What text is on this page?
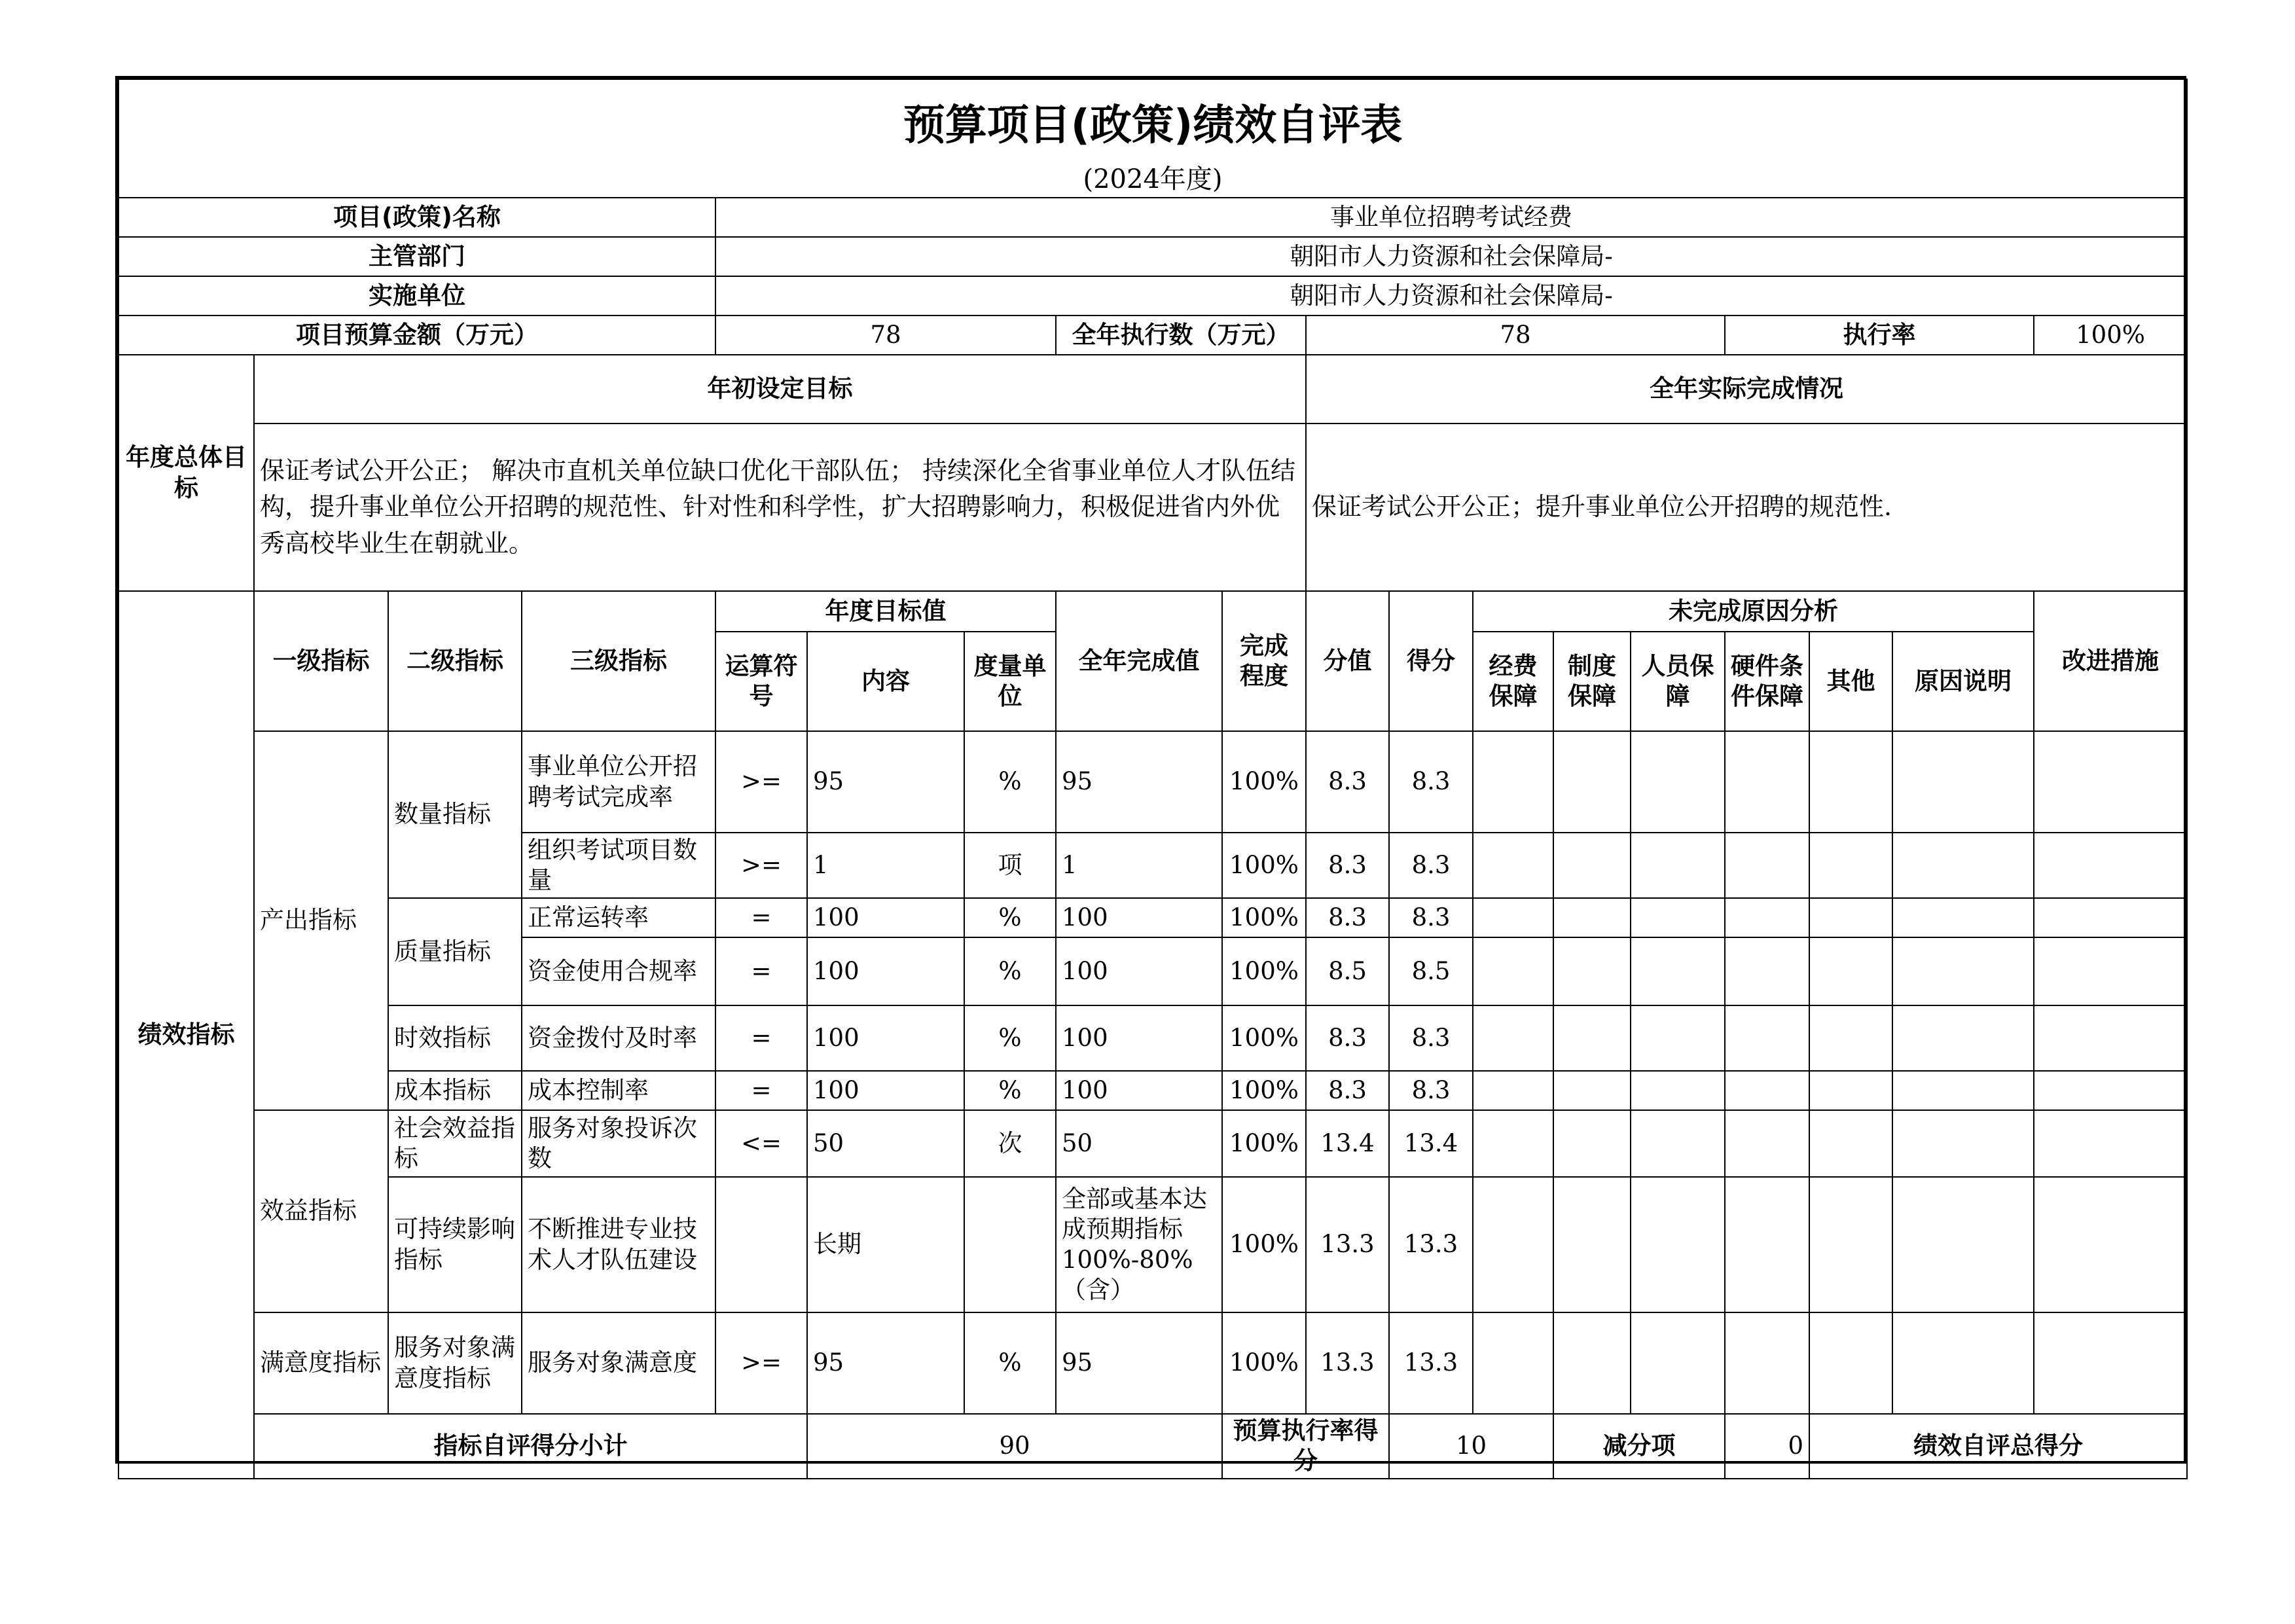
预算项目(政策)绩效自评表																		
(2024年度)																		
项目(政策)名称				事业单位招聘考试经费														
主管部门				朝阳市人力资源和社会保障局-														
实施单位				朝阳市人力资源和社会保障局-														
项目预算金额（万元）				78			全年执行数（万元）		78					执行率			100%	
年度总体目标	年初设定目标								全年实际完成情况									
	保证考试公开公正； 解决市直机关单位缺口优化干部队伍； 持续深化全省事业单位人才队伍结构，提升事业单位公开招聘的规范性、针对性和科学性，扩大招聘影响力，积极促进省内外优秀高校毕业生在朝就业。								保证考试公开公正；提升事业单位公开招聘的规范性.									
绩效指标	一级指标	二级指标	三级指标	年度目标值			全年完成值	完成程度	分值	得分	未完成原因分析						改进措施	
				运算符号	内容	度量单位					经费保障	制度保障	人员保障	硬件条件保障	其他	原因说明		
	产出指标	数量指标	事业单位公开招聘考试完成率	>=	95	%	95	100%	8.3	8.3								
			组织考试项目数量	>=	1	项	1	100%	8.3	8.3								
		质量指标	正常运转率	=	100	%	100	100%	8.3	8.3								
			资金使用合规率	=	100	%	100	100%	8.5	8.5								
		时效指标	资金拨付及时率	=	100	%	100	100%	8.3	8.3								
		成本指标	成本控制率	=	100	%	100	100%	8.3	8.3								
	效益指标	社会效益指标	服务对象投诉次数	<=	50	次	50	100%	13.4	13.4								
		可持续影响指标	不断推进专业技术人才队伍建设		长期		全部或基本达成预期指标100%-80%（含）	100%	13.3	13.3								
	满意度指标	服务对象满意度指标	服务对象满意度	>=	95	%	95	100%	13.3	13.3								
	指标自评得分小计				90			预算执行率得分		10		减分项		0	绩效自评总得分	
